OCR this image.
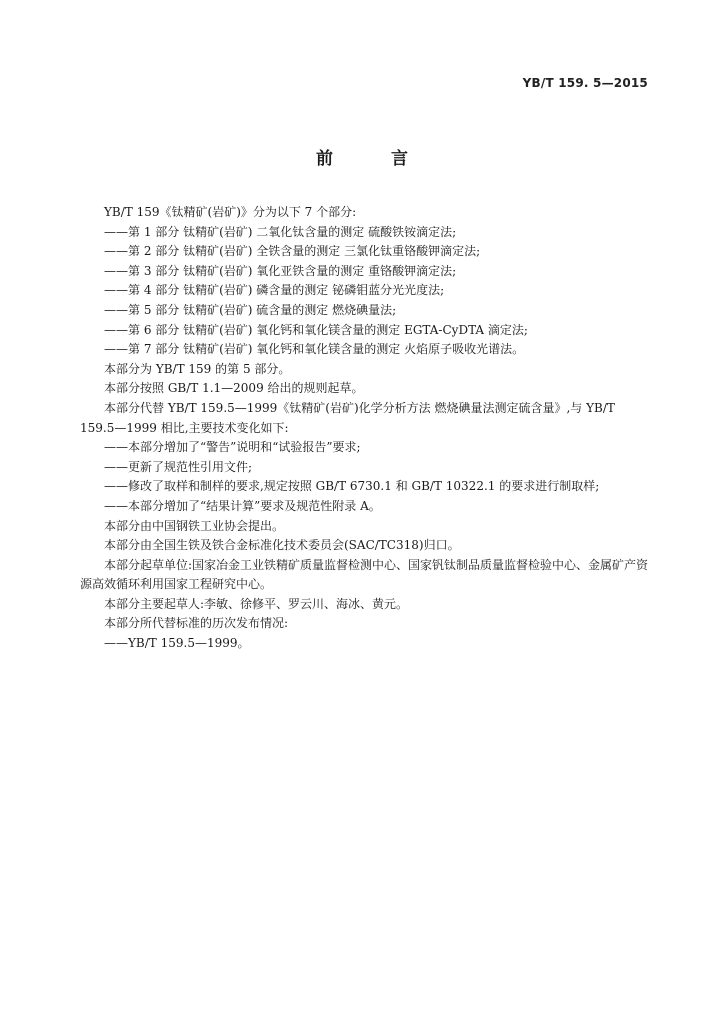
YB/T 159. 5—2015
前 言

YB/T 159《钛精矿(岩矿)》分为以下 7 个部分:

——第 1 部分 钛精矿(岩矿) 二氧化钛含量的测定 硫酸铁铵滴定法;

——第 2 部分 钛精矿(岩矿) 全铁含量的测定 三氯化钛重铬酸钾滴定法;

——第 3 部分 钛精矿(岩矿) 氧化亚铁含量的测定 重铬酸钾滴定法;

——第 4 部分 钛精矿(岩矿) 磷含量的测定 铋磷钼蓝分光光度法;

——第 5 部分 钛精矿(岩矿) 硫含量的测定 燃烧碘量法;

——第 6 部分 钛精矿(岩矿) 氧化钙和氧化镁含量的测定 EGTA-CyDTA 滴定法;

——第 7 部分 钛精矿(岩矿) 氧化钙和氧化镁含量的测定 火焰原子吸收光谱法。

本部分为 YB/T 159 的第 5 部分。

本部分按照 GB/T 1.1—2009 给出的规则起草。

本部分代替 YB/T 159.5—1999《钛精矿(岩矿)化学分析方法 燃烧碘量法测定硫含量》,与 YB/T 159.5—1999 相比,主要技术变化如下:

——本部分增加了“警告”说明和“试验报告”要求;

——更新了规范性引用文件;

——修改了取样和制样的要求,规定按照 GB/T 6730.1 和 GB/T 10322.1 的要求进行制取样;

——本部分增加了“结果计算”要求及规范性附录 A。

本部分由中国钢铁工业协会提出。

本部分由全国生铁及铁合金标准化技术委员会(SAC/TC318)归口。

本部分起草单位:国家冶金工业铁精矿质量监督检测中心、国家钒钛制品质量监督检验中心、金属矿产资源高效循环利用国家工程研究中心。

本部分主要起草人:李敏、徐修平、罗云川、海冰、黄元。

本部分所代替标准的历次发布情况:

——YB/T 159.5—1999。
